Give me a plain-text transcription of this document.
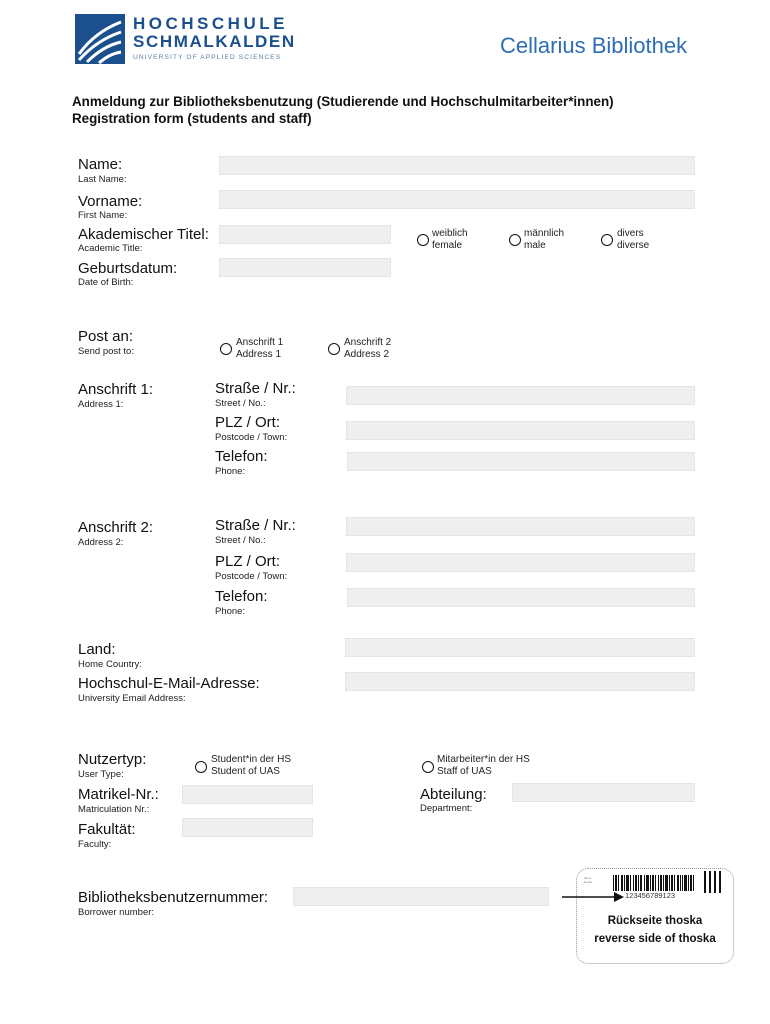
HOCHSCHULE
SCHMALKALDEN
UNIVERSITY OF APPLIED SCIENCES	Cellarius Bibliothek
Anmeldung zur Bibliotheksbenutzung (Studierende und Hochschulmitarbeiter*innen)
Registration form (students and staff)
Name:
Last Name:
Vorname:
First Name:
Akademischer Titel:
Academic Title:
weiblich
female
männlich
male
divers
diverse
Geburtsdatum:
Date of Birth:
Post an:
Send post to:
Anschrift 1
Address 1
Anschrift 2
Address 2
Anschrift 1:
Address 1:
Straße / Nr.:
Street / No.:
PLZ / Ort:
Postcode / Town:
Telefon:
Phone:
Anschrift 2:
Address 2:
Straße / Nr.:
Street / No.:
PLZ / Ort:
Postcode / Town:
Telefon:
Phone:
Land:
Home Country:
Hochschul-E-Mail-Adresse:
University Email Address:
Nutzertyp:
User Type:
Student*in der HS
Student of UAS
Mitarbeiter*in der HS
Staff of UAS
Matrikel-Nr.:
Matriculation Nr.:
Abteilung:
Department:
Fakultät:
Faculty:
Bibliotheksbenutzernummer:
Borrower number:
▪▪▪▪ ▪▪
▪▪▪ ▪▪▪▪
123456789123
Rückseite thoska
reverse side of thoska
